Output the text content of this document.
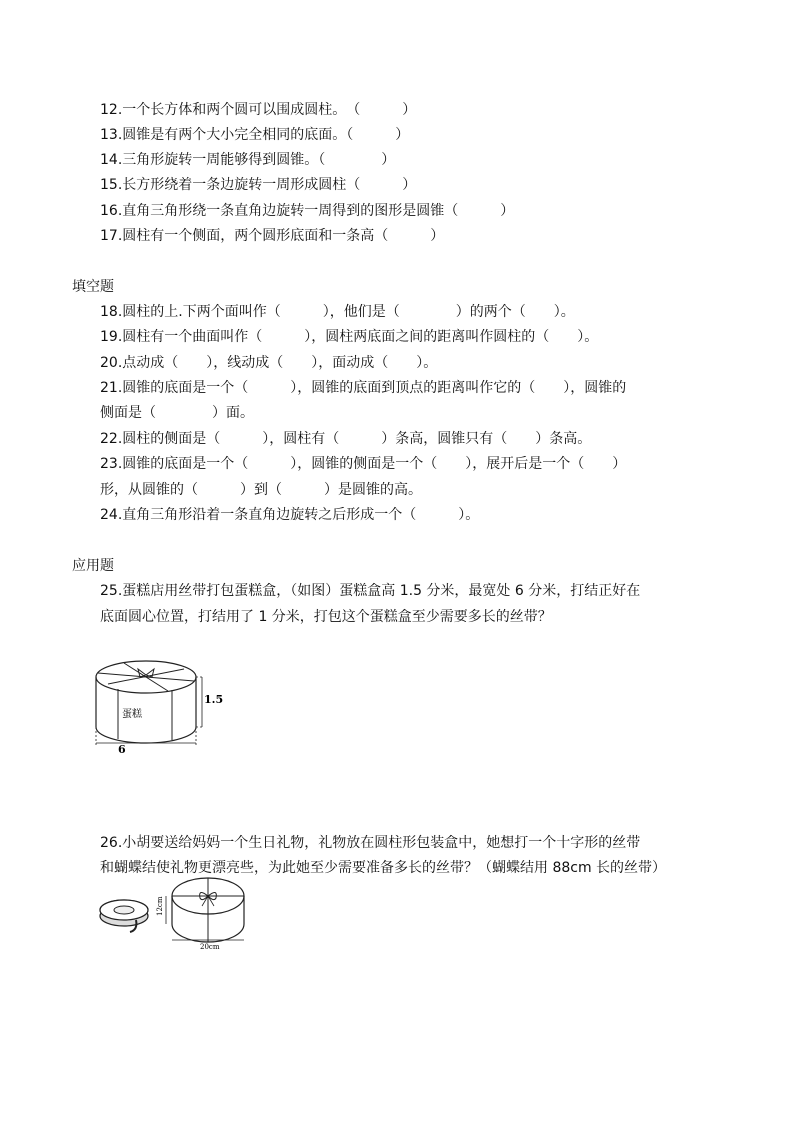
12.一个长方体和两个圆可以围成圆柱。　（　　　）
13.圆锥是有两个大小完全相同的底面。（　　　）
14.三角形旋转一周能够得到圆锥。（　　　　）
15.长方形绕着一条边旋转一周形成圆柱（　　　）
16.直角三角形绕一条直角边旋转一周得到的图形是圆锥（　　　）
17.圆柱有一个侧面，两个圆形底面和一条高（　　　）
填空题
18.圆柱的上.下两个面叫作（　　　），他们是（　　　　）的两个（　　）。
19.圆柱有一个曲面叫作（　　　），圆柱两底面之间的距离叫作圆柱的（　　）。
20.点动成（　　），线动成（　　），面动成（　　）。
21.圆锥的底面是一个（　　　），圆锥的底面到顶点的距离叫作它的（　　），圆锥的
侧面是（　　　　）面。
22.圆柱的侧面是（　　　），圆柱有（　　　）条高，圆锥只有（　　）条高。
23.圆锥的底面是一个（　　　），圆锥的侧面是一个（　　），展开后是一个（　　）
形，从圆锥的（　　　）到（　　　）是圆锥的高。
24.直角三角形沿着一条直角边旋转之后形成一个（　　　）。
应用题
25.蛋糕店用丝带打包蛋糕盒，（如图）蛋糕盒高 1.5 分米，最宽处 6 分米，打结正好在
底面圆心位置，打结用了 1 分米，打包这个蛋糕盒至少需要多长的丝带？
蛋糕
1.5
6
26.小胡要送给妈妈一个生日礼物，礼物放在圆柱形包装盒中，她想打一个十字形的丝带
和蝴蝶结使礼物更漂亮些，为此她至少需要准备多长的丝带？（蝴蝶结用 88cm 长的丝带）
12cm
20cm
